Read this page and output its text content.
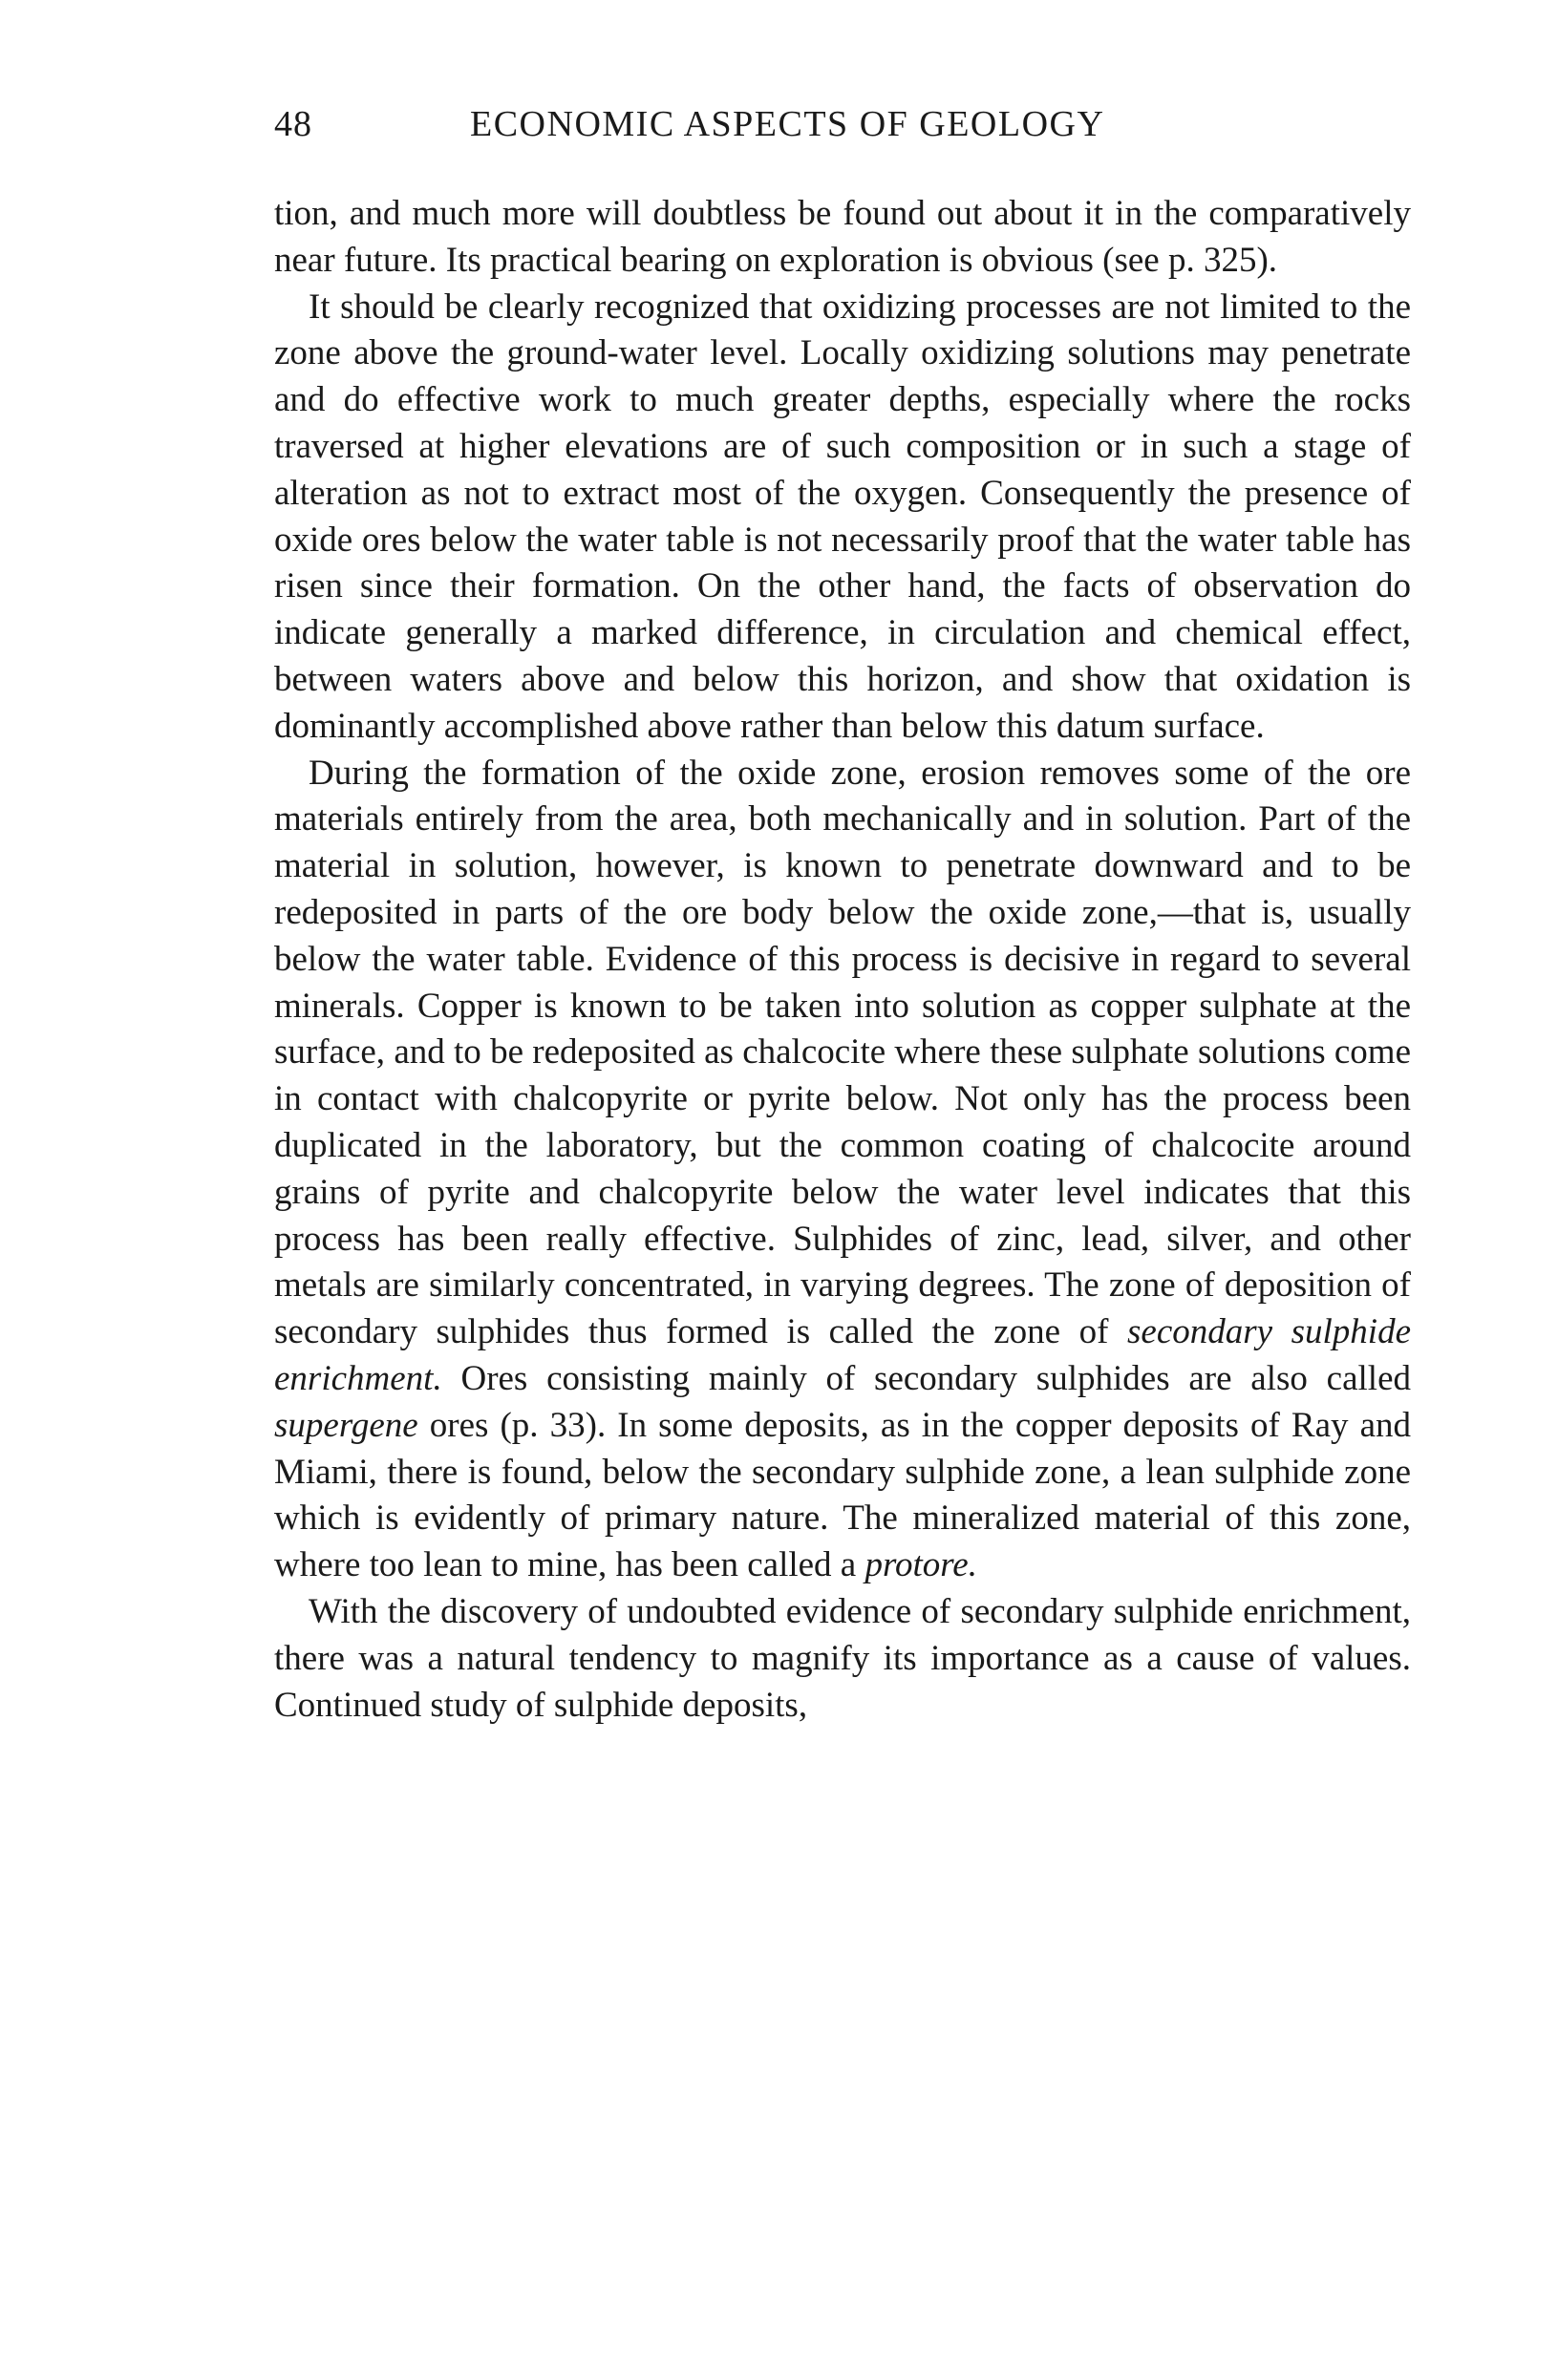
48	ECONOMIC ASPECTS OF GEOLOGY

tion, and much more will doubtless be found out about it in the comparatively near future. Its practical bearing on exploration is obvious (see p. 325).

It should be clearly recognized that oxidizing processes are not limited to the zone above the ground-water level. Locally oxidizing solutions may penetrate and do effective work to much greater depths, especially where the rocks traversed at higher elevations are of such composition or in such a stage of alteration as not to extract most of the oxygen. Consequently the presence of oxide ores below the water table is not necessarily proof that the water table has risen since their formation. On the other hand, the facts of observation do indicate generally a marked difference, in circulation and chemical effect, between waters above and below this horizon, and show that oxidation is dominantly accomplished above rather than below this datum surface.

During the formation of the oxide zone, erosion removes some of the ore materials entirely from the area, both mechanically and in solution. Part of the material in solution, however, is known to penetrate downward and to be redeposited in parts of the ore body below the oxide zone,—that is, usually below the water table. Evidence of this process is decisive in regard to several minerals. Copper is known to be taken into solution as copper sulphate at the surface, and to be redeposited as chalcocite where these sulphate solutions come in contact with chalcopyrite or pyrite below. Not only has the process been duplicated in the laboratory, but the common coating of chalcocite around grains of pyrite and chalcopyrite below the water level indicates that this process has been really effective. Sulphides of zinc, lead, silver, and other metals are similarly concentrated, in varying degrees. The zone of deposition of secondary sulphides thus formed is called the zone of secondary sulphide enrichment. Ores consisting mainly of secondary sulphides are also called supergene ores (p. 33). In some deposits, as in the copper deposits of Ray and Miami, there is found, below the secondary sulphide zone, a lean sulphide zone which is evidently of primary nature. The mineralized material of this zone, where too lean to mine, has been called a protore.

With the discovery of undoubted evidence of secondary sulphide enrichment, there was a natural tendency to magnify its importance as a cause of values. Continued study of sulphide deposits,
